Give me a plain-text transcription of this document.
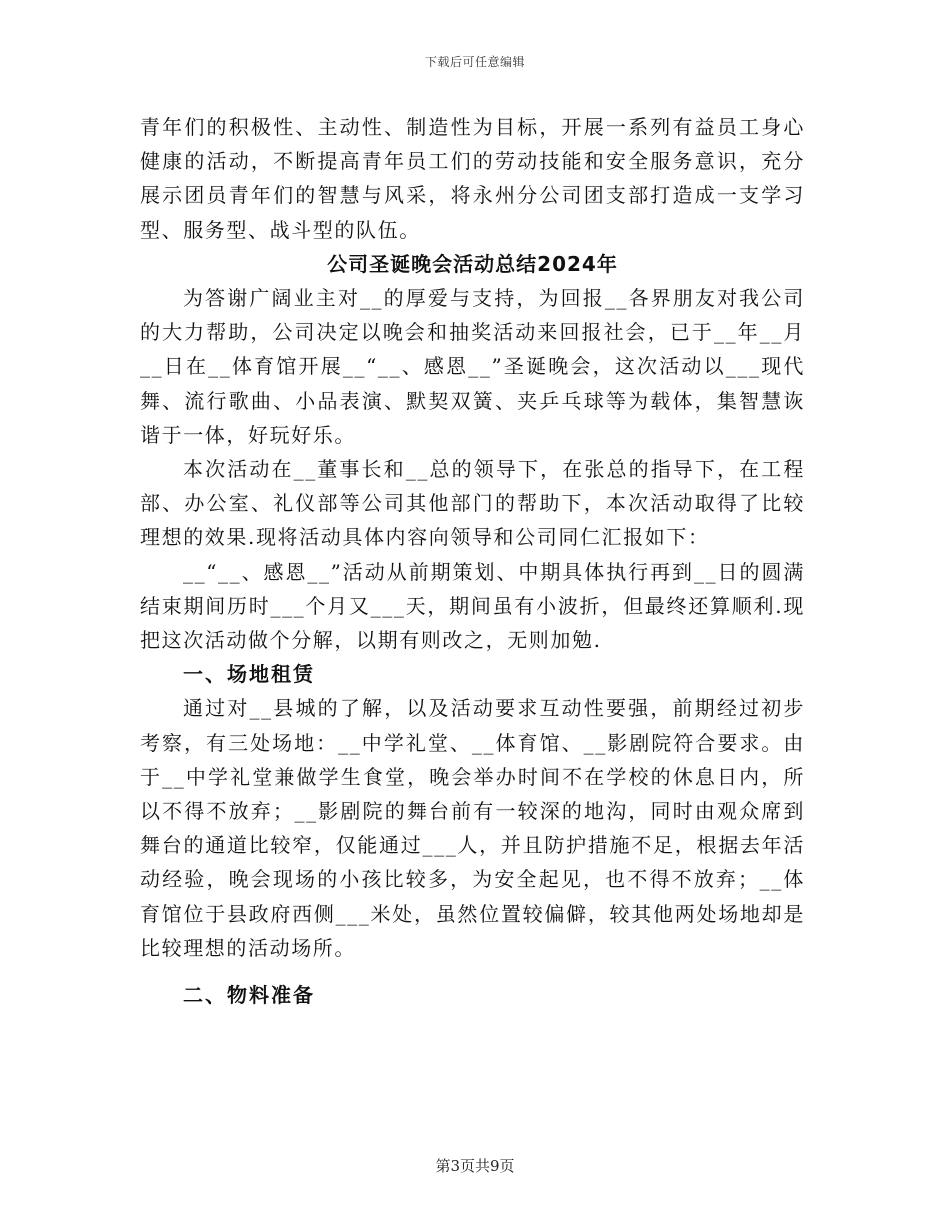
下载后可任意编辑

青年们的积极性、主动性、制造性为目标，开展一系列有益员工身心健康的活动，不断提高青年员工们的劳动技能和安全服务意识，充分展示团员青年们的智慧与风采，将永州分公司团支部打造成一支学习型、服务型、战斗型的队伍。

公司圣诞晚会活动总结2024年

为答谢广阔业主对__的厚爱与支持，为回报__各界朋友对我公司的大力帮助，公司决定以晚会和抽奖活动来回报社会，已于__年__月__日在__体育馆开展__“__、感恩__”圣诞晚会，这次活动以___现代舞、流行歌曲、小品表演、默契双簧、夹乒乓球等为载体，集智慧诙谐于一体，好玩好乐。

本次活动在__董事长和__总的领导下，在张总的指导下，在工程部、办公室、礼仪部等公司其他部门的帮助下，本次活动取得了比较理想的效果.现将活动具体内容向领导和公司同仁汇报如下：

__“__、感恩__”活动从前期策划、中期具体执行再到__日的圆满结束期间历时___个月又___天，期间虽有小波折，但最终还算顺利.现把这次活动做个分解，以期有则改之，无则加勉.

一、场地租赁

通过对__县城的了解，以及活动要求互动性要强，前期经过初步考察，有三处场地：__中学礼堂、__体育馆、__影剧院符合要求。由于__中学礼堂兼做学生食堂，晚会举办时间不在学校的休息日内，所以不得不放弃；__影剧院的舞台前有一较深的地沟，同时由观众席到舞台的通道比较窄，仅能通过___人，并且防护措施不足，根据去年活动经验，晚会现场的小孩比较多，为安全起见，也不得不放弃；__体育馆位于县政府西侧___米处，虽然位置较偏僻，较其他两处场地却是比较理想的活动场所。

二、物料准备
第3页共9页
